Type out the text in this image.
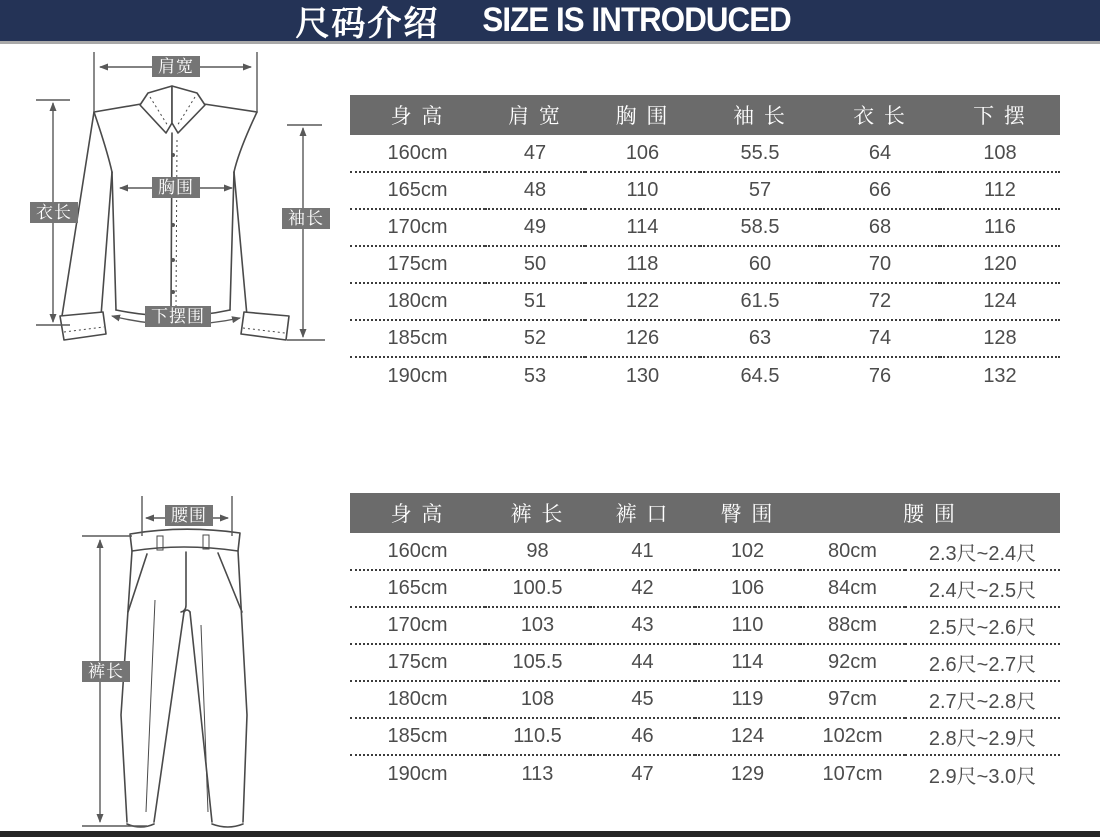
尺码介绍 SIZE IS INTRODUCED
肩宽
胸围
衣长	袖长
下摆围
身 高	肩 宽	胸 围	袖 长	衣 长	下 摆
160cm	47	106	55.5	64	108
165cm	48	110	57	66	112
170cm	49	114	58.5	68	116
175cm	50	118	60	70	120
180cm	51	122	61.5	72	124
185cm	52	126	63	74	128
190cm	53	130	64.5	76	132
腰围
裤长
身 高	裤 长	裤 口	臀 围	腰 围	
160cm	98	41	102	80cm	2.3尺~2.4尺
165cm	100.5	42	106	84cm	2.4尺~2.5尺
170cm	103	43	110	88cm	2.5尺~2.6尺
175cm	105.5	44	114	92cm	2.6尺~2.7尺
180cm	108	45	119	97cm	2.7尺~2.8尺
185cm	110.5	46	124	102cm	2.8尺~2.9尺
190cm	113	47	129	107cm	2.9尺~3.0尺
